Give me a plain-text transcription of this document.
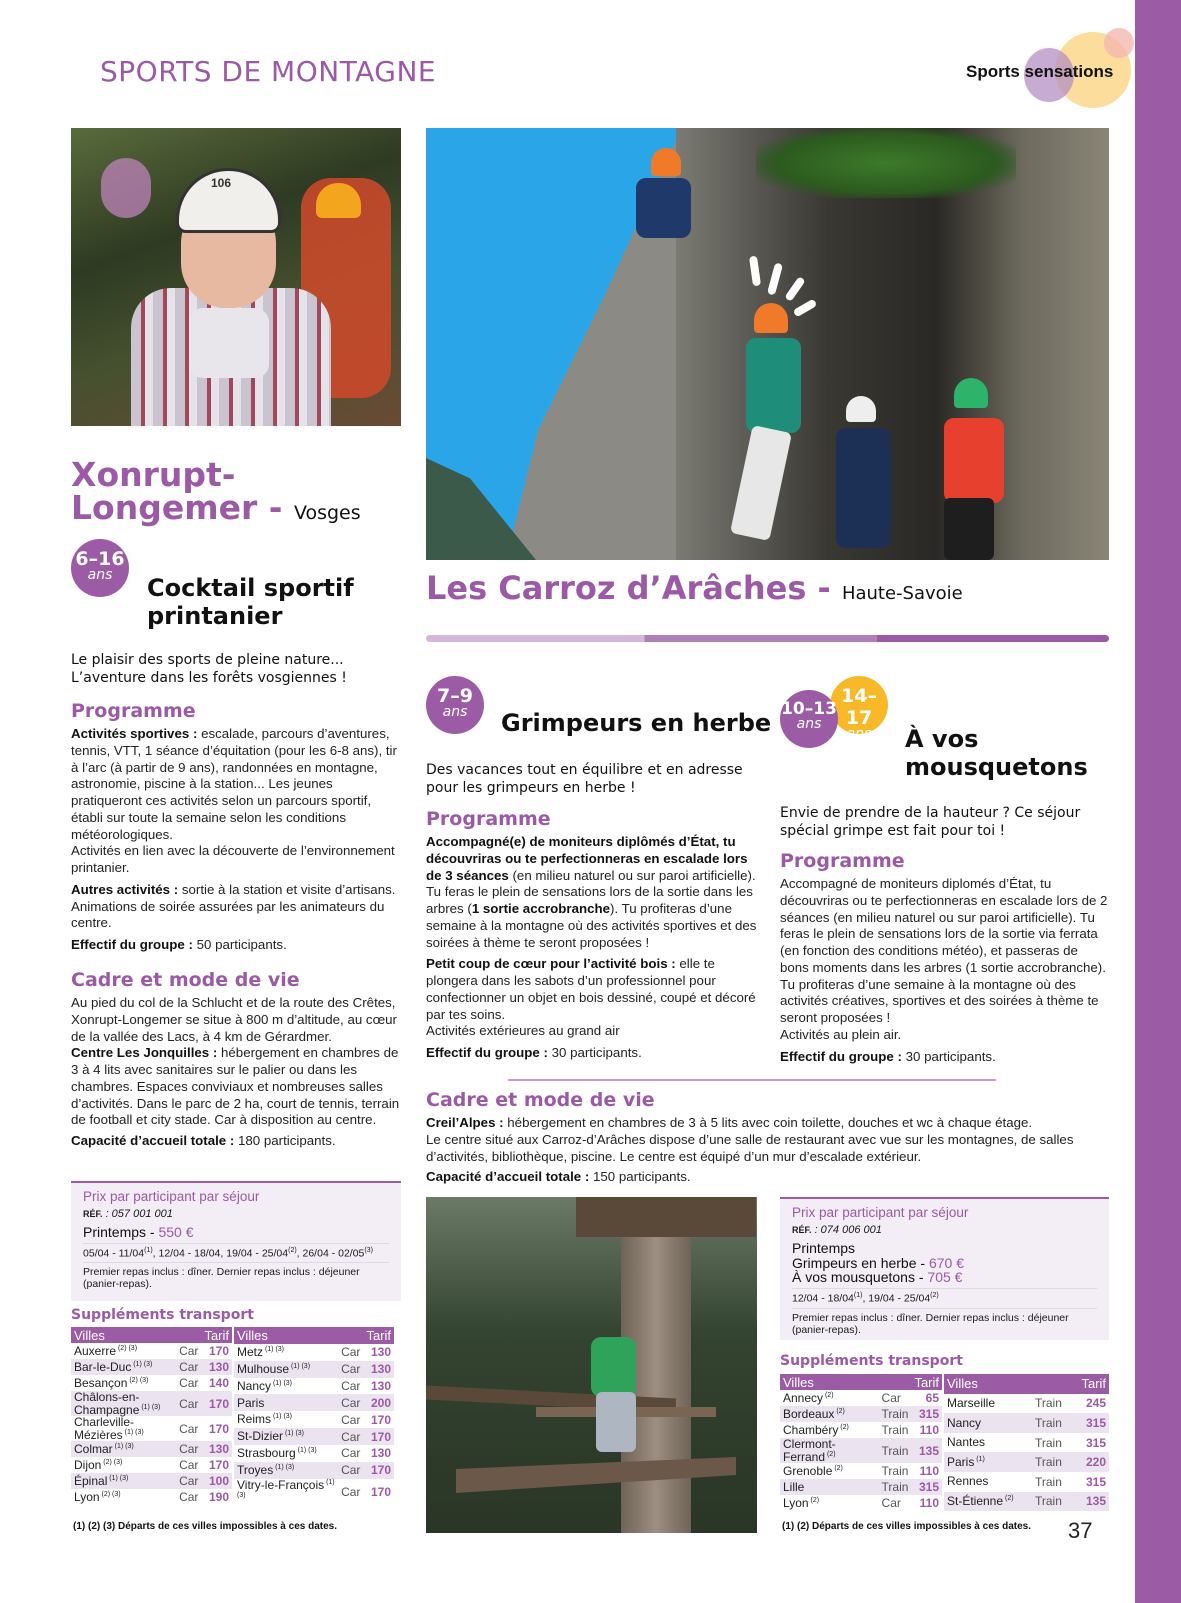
SPORTS DE MONTAGNE	Sports sensations
106
Xonrupt-
Longemer - Vosges
6–16
ans	Cocktail sportif
printanier
Le plaisir des sports de pleine nature...
L’aventure dans les forêts vosgiennes !
Programme

Activités sportives : escalade, parcours d’aventures, tennis, VTT, 1 séance d’équitation (pour les 6-8 ans), tir à l’arc (à partir de 9 ans), randonnées en montagne, astronomie, piscine à la station... Les jeunes pratiqueront ces activités selon un parcours sportif, établi sur toute la semaine selon les conditions météorologiques.
Activités en lien avec la découverte de l’environnement printanier.

Autres activités : sortie à la station et visite d’artisans. Animations de soirée assurées par les animateurs du centre.

Effectif du groupe : 50 participants.

Cadre et mode de vie

Au pied du col de la Schlucht et de la route des Crêtes, Xonrupt-Longemer se situe à 800 m d’altitude, au cœur de la vallée des Lacs, à 4 km de Gérardmer.
Centre Les Jonquilles : hébergement en chambres de 3 à 4 lits avec sanitaires sur le palier ou dans les chambres. Espaces conviviaux et nombreuses salles d’activités. Dans le parc de 2 ha, court de tennis, terrain de football et city stade. Car à disposition au centre.

Capacité d’accueil totale : 180 participants.

Prix par participant par séjour
RÉF. : 057 001 001
Printemps - 550 €
05/04 - 11/04$^{(1)}$, 12/04 - 18/04, 19/04 - 25/04$^{(2)}$, 26/04 - 02/05$^{(3)}$
Premier repas inclus : dîner. Dernier repas inclus : déjeuner (panier-repas).
Suppléments transport
Villes		Tarif
Auxerre $^{(2) (3)}$	Car	170
Bar-le-Duc $^{(1) (3)}$	Car	130
Besançon $^{(2) (3)}$	Car	140
Châlons-en-Champagne $^{(1) (3)}$	Car	170
Charleville-Mézières $^{(1) (3)}$	Car	170
Colmar $^{(1) (3)}$	Car	130
Dijon $^{(2) (3)}$	Car	170
Épinal $^{(1) (3)}$	Car	100
Lyon $^{(2) (3)}$	Car	190
Villes		Tarif
Metz $^{(1) (3)}$	Car	130
Mulhouse $^{(1) (3)}$	Car	130
Nancy $^{(1) (3)}$	Car	130
Paris	Car	200
Reims $^{(1) (3)}$	Car	170
St-Dizier $^{(1) (3)}$	Car	170
Strasbourg $^{(1) (3)}$	Car	130
Troyes $^{(1) (3)}$	Car	170
Vitry-le-François $^{(1) (3)}$	Car	170
(1) (2) (3) Départs de ces villes impossibles à ces dates.
Les Carroz d’Arâches - Haute-Savoie
7–9
ans	Grimpeurs en herbe
Des vacances tout en équilibre et en adresse pour les grimpeurs en herbe !
Programme

Accompagné(e) de moniteurs diplômés d’État, tu découvriras ou te perfectionneras en escalade lors de 3 séances (en milieu naturel ou sur paroi artificielle). Tu feras le plein de sensations lors de la sortie dans les arbres (1 sortie accrobranche). Tu profiteras d’une semaine à la montagne où des activités sportives et des soirées à thème te seront proposées !

Petit coup de cœur pour l’activité bois : elle te plongera dans les sabots d’un professionnel pour confectionner un objet en bois dessiné, coupé et décoré par tes soins.
Activités extérieures au grand air

Effectif du groupe : 30 participants.

14–17
ans
10–13
ans
À vos
mousquetons
Envie de prendre de la hauteur ? Ce séjour spécial grimpe est fait pour toi !
Programme

Accompagné de moniteurs diplomés d’État, tu découvriras ou te perfectionneras en escalade lors de 2 séances (en milieu naturel ou sur paroi artificielle). Tu feras le plein de sensations lors de la sortie via ferrata (en fonction des conditions météo), et passeras de bons moments dans les arbres (1 sortie accrobranche). Tu profiteras d’une semaine à la montagne où des activités créatives, sportives et des soirées à thème te seront proposées !
Activités au plein air.

Effectif du groupe : 30 participants.

Cadre et mode de vie

Creil’Alpes : hébergement en chambres de 3 à 5 lits avec coin toilette, douches et wc à chaque étage.
Le centre situé aux Carroz-d’Arâches dispose d’une salle de restaurant avec vue sur les montagnes, de salles d’activités, bibliothèque, piscine. Le centre est équipé d’un mur d’escalade extérieur.

Capacité d’accueil totale : 150 participants.

Prix par participant par séjour
RÉF. : 074 006 001
Printemps
Grimpeurs en herbe - 670 €
À vos mousquetons - 705 €
12/04 - 18/04$^{(1)}$, 19/04 - 25/04$^{(2)}$
Premier repas inclus : dîner. Dernier repas inclus : déjeuner (panier-repas).
Suppléments transport
Villes		Tarif
Annecy $^{(2)}$	Car	65
Bordeaux $^{(2)}$	Train	315
Chambéry $^{(2)}$	Train	110
Clermont-Ferrand $^{(2)}$	Train	135
Grenoble $^{(2)}$	Train	110
Lille	Train	315
Lyon $^{(2)}$	Car	110
Villes		Tarif
Marseille	Train	245
Nancy	Train	315
Nantes	Train	315
Paris $^{(1)}$	Train	220
Rennes	Train	315
St-Étienne $^{(2)}$	Train	135
(1) (2) Départs de ces villes impossibles à ces dates. 37
